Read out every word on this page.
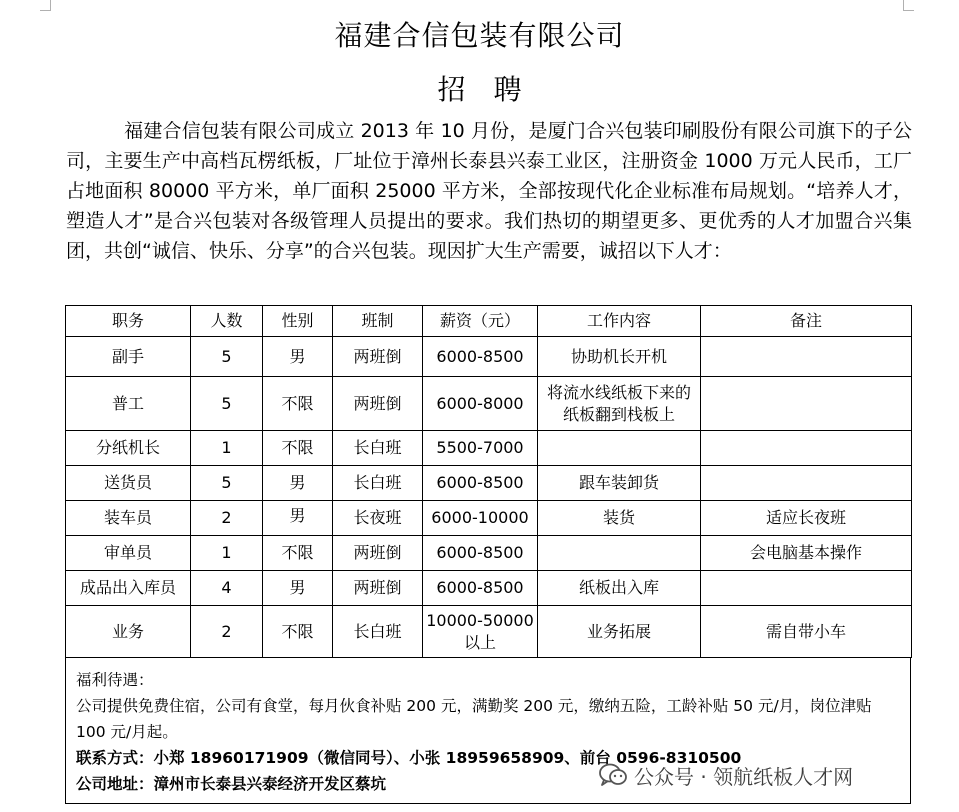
福建合信包装有限公司
招聘

福建合信包装有限公司成立 2013 年 10 月份，是厦门合兴包装印刷股份有限公司旗下的子公司，主要生产中高档瓦楞纸板，厂址位于漳州长泰县兴泰工业区，注册资金 1000 万元人民币，工厂占地面积 80000 平方米，单厂面积 25000 平方米，全部按现代化企业标准布局规划。“培养人才，塑造人才”是合兴包装对各级管理人员提出的要求。我们热切的期望更多、更优秀的人才加盟合兴集团，共创“诚信、快乐、分享”的合兴包装。现因扩大生产需要，诚招以下人才：

职务	人数	性别	班制	薪资（元）	工作内容	备注
副手	5	男	两班倒	6000-8500	协助机长开机	
普工	5	不限	两班倒	6000-8000	将流水线纸板下来的纸板翻到栈板上	
分纸机长	1	不限	长白班	5500-7000		
送货员	5	男	长白班	6000-8500	跟车装卸货	
装车员	2	男	长夜班	6000-10000	装货	适应长夜班
审单员	1	不限	两班倒	6000-8500		会电脑基本操作
成品出入库员	4	男	两班倒	6000-8500	纸板出入库	
业务	2	不限	长白班	10000-50000以上	业务拓展	需自带小车

福利待遇：

公司提供免费住宿，公司有食堂，每月伙食补贴 200 元，满勤奖 200 元，缴纳五险，工龄补贴 50 元/月，岗位津贴 100 元/月起。

联系方式：小郑 18960171909（微信同号）、小张 18959658909、前台 0596-8310500

公司地址：漳州市长泰县兴泰经济开发区蔡坑	公众号 · 领航纸板人才网
